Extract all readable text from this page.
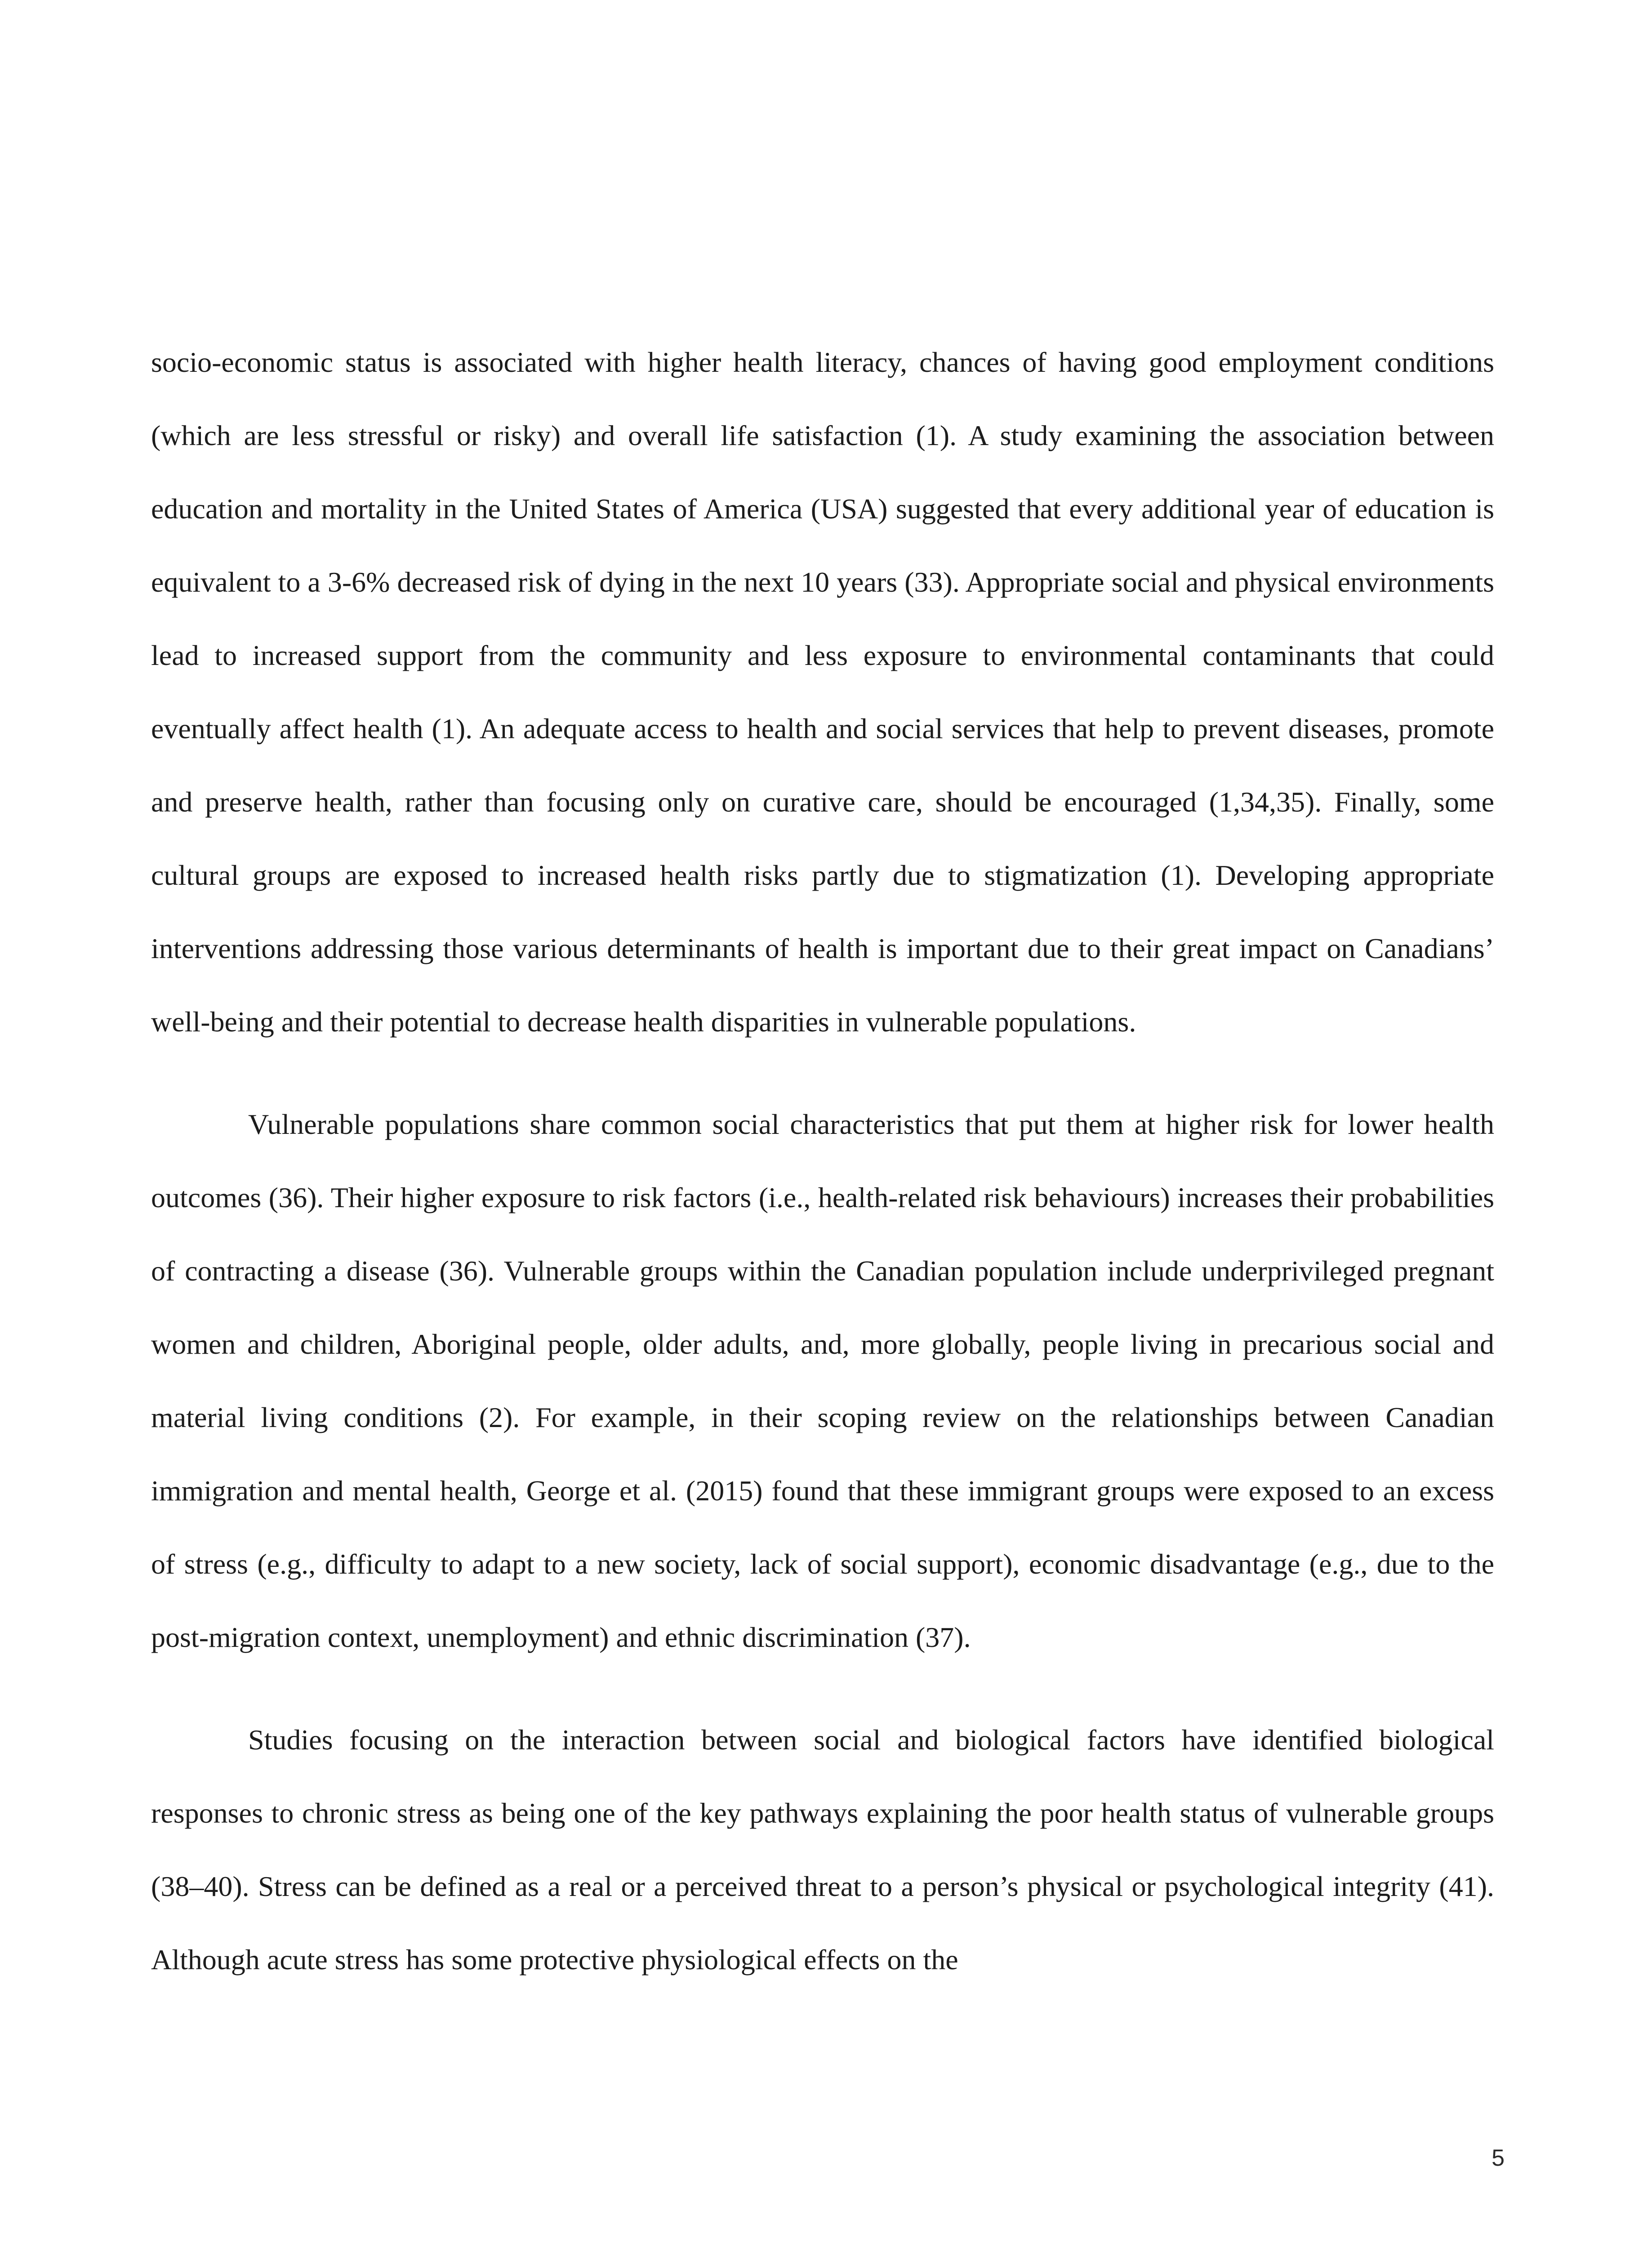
socio-economic status is associated with higher health literacy, chances of having good employment conditions (which are less stressful or risky) and overall life satisfaction (1). A study examining the association between education and mortality in the United States of America (USA) suggested that every additional year of education is equivalent to a 3-6% decreased risk of dying in the next 10 years (33). Appropriate social and physical environments lead to increased support from the community and less exposure to environmental contaminants that could eventually affect health (1). An adequate access to health and social services that help to prevent diseases, promote and preserve health, rather than focusing only on curative care, should be encouraged (1,34,35). Finally, some cultural groups are exposed to increased health risks partly due to stigmatization (1). Developing appropriate interventions addressing those various determinants of health is important due to their great impact on Canadians’ well-being and their potential to decrease health disparities in vulnerable populations.

Vulnerable populations share common social characteristics that put them at higher risk for lower health outcomes (36). Their higher exposure to risk factors (i.e., health-related risk behaviours) increases their probabilities of contracting a disease (36). Vulnerable groups within the Canadian population include underprivileged pregnant women and children, Aboriginal people, older adults, and, more globally, people living in precarious social and material living conditions (2). For example, in their scoping review on the relationships between Canadian immigration and mental health, George et al. (2015) found that these immigrant groups were exposed to an excess of stress (e.g., difficulty to adapt to a new society, lack of social support), economic disadvantage (e.g., due to the post-migration context, unemployment) and ethnic discrimination (37).

Studies focusing on the interaction between social and biological factors have identified biological responses to chronic stress as being one of the key pathways explaining the poor health status of vulnerable groups (38–40). Stress can be defined as a real or a perceived threat to a person’s physical or psychological integrity (41). Although acute stress has some protective physiological effects on the

5
